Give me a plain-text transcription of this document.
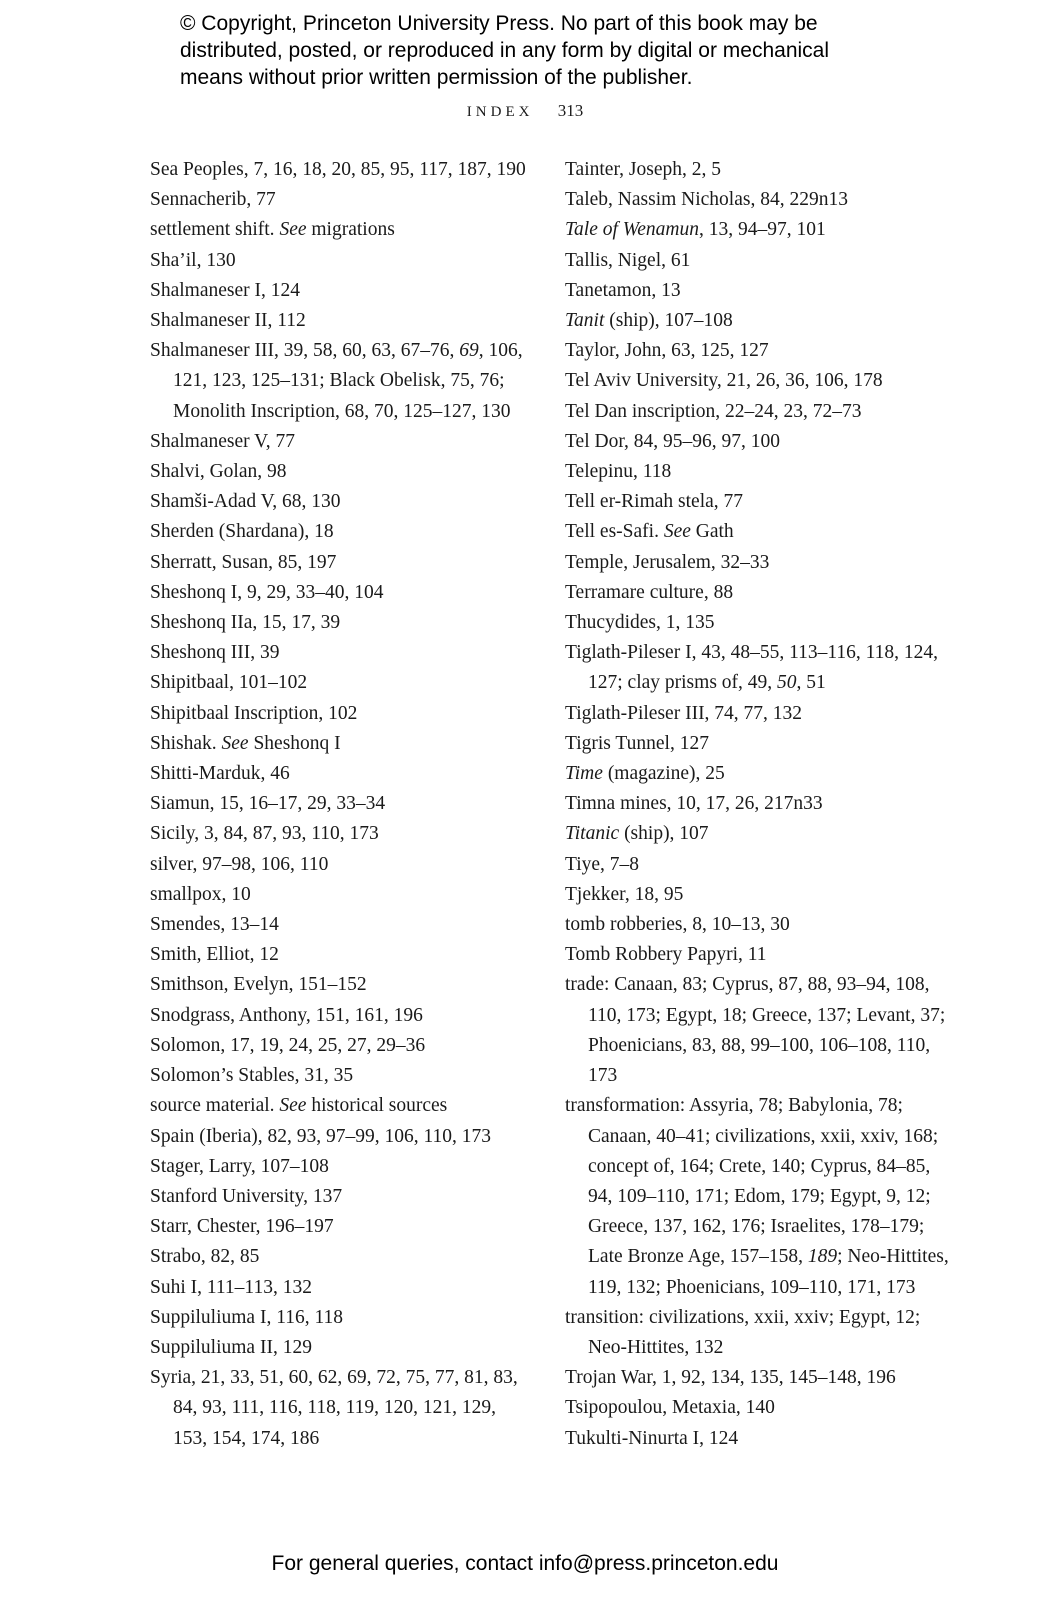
© Copyright, Princeton University Press. No part of this book may be
distributed, posted, or reproduced in any form by digital or mechanical
means without prior written permission of the publisher.
INDEX 313
Sea Peoples, 7, 16, 18, 20, 85, 95, 117, 187, 190
Sennacherib, 77
settlement shift. See migrations
Sha’il, 130
Shalmaneser I, 124
Shalmaneser II, 112
Shalmaneser III, 39, 58, 60, 63, 67–76, 69, 106, 121, 123, 125–131; Black Obelisk, 75, 76; Monolith Inscription, 68, 70, 125–127, 130
Shalmaneser V, 77
Shalvi, Golan, 98
Shamši-Adad V, 68, 130
Sherden (Shardana), 18
Sherratt, Susan, 85, 197
Sheshonq I, 9, 29, 33–40, 104
Sheshonq IIa, 15, 17, 39
Sheshonq III, 39
Shipitbaal, 101–102
Shipitbaal Inscription, 102
Shishak. See Sheshonq I
Shitti-Marduk, 46
Siamun, 15, 16–17, 29, 33–34
Sicily, 3, 84, 87, 93, 110, 173
silver, 97–98, 106, 110
smallpox, 10
Smendes, 13–14
Smith, Elliot, 12
Smithson, Evelyn, 151–152
Snodgrass, Anthony, 151, 161, 196
Solomon, 17, 19, 24, 25, 27, 29–36
Solomon’s Stables, 31, 35
source material. See historical sources
Spain (Iberia), 82, 93, 97–99, 106, 110, 173
Stager, Larry, 107–108
Stanford University, 137
Starr, Chester, 196–197
Strabo, 82, 85
Suhi I, 111–113, 132
Suppiluliuma I, 116, 118
Suppiluliuma II, 129
Syria, 21, 33, 51, 60, 62, 69, 72, 75, 77, 81, 83, 84, 93, 111, 116, 118, 119, 120, 121, 129, 153, 154, 174, 186
Tainter, Joseph, 2, 5
Taleb, Nassim Nicholas, 84, 229n13
Tale of Wenamun, 13, 94–97, 101
Tallis, Nigel, 61
Tanetamon, 13
Tanit (ship), 107–108
Taylor, John, 63, 125, 127
Tel Aviv University, 21, 26, 36, 106, 178
Tel Dan inscription, 22–24, 23, 72–73
Tel Dor, 84, 95–96, 97, 100
Telepinu, 118
Tell er-Rimah stela, 77
Tell es-Safi. See Gath
Temple, Jerusalem, 32–33
Terramare culture, 88
Thucydides, 1, 135
Tiglath-Pileser I, 43, 48–55, 113–116, 118, 124, 127; clay prisms of, 49, 50, 51
Tiglath-Pileser III, 74, 77, 132
Tigris Tunnel, 127
Time (magazine), 25
Timna mines, 10, 17, 26, 217n33
Titanic (ship), 107
Tiye, 7–8
Tjekker, 18, 95
tomb robberies, 8, 10–13, 30
Tomb Robbery Papyri, 11
trade: Canaan, 83; Cyprus, 87, 88, 93–94, 108, 110, 173; Egypt, 18; Greece, 137; Levant, 37; Phoenicians, 83, 88, 99–100, 106–108, 110, 173
transformation: Assyria, 78; Babylonia, 78; Canaan, 40–41; civilizations, xxii, xxiv, 168; concept of, 164; Crete, 140; Cyprus, 84–85, 94, 109–110, 171; Edom, 179; Egypt, 9, 12; Greece, 137, 162, 176; Israelites, 178–179; Late Bronze Age, 157–158, 189; Neo-Hittites, 119, 132; Phoenicians, 109–110, 171, 173
transition: civilizations, xxii, xxiv; Egypt, 12; Neo-Hittites, 132
Trojan War, 1, 92, 134, 135, 145–148, 196
Tsipopoulou, Metaxia, 140
Tukulti-Ninurta I, 124
For general queries, contact info@press.princeton.edu
